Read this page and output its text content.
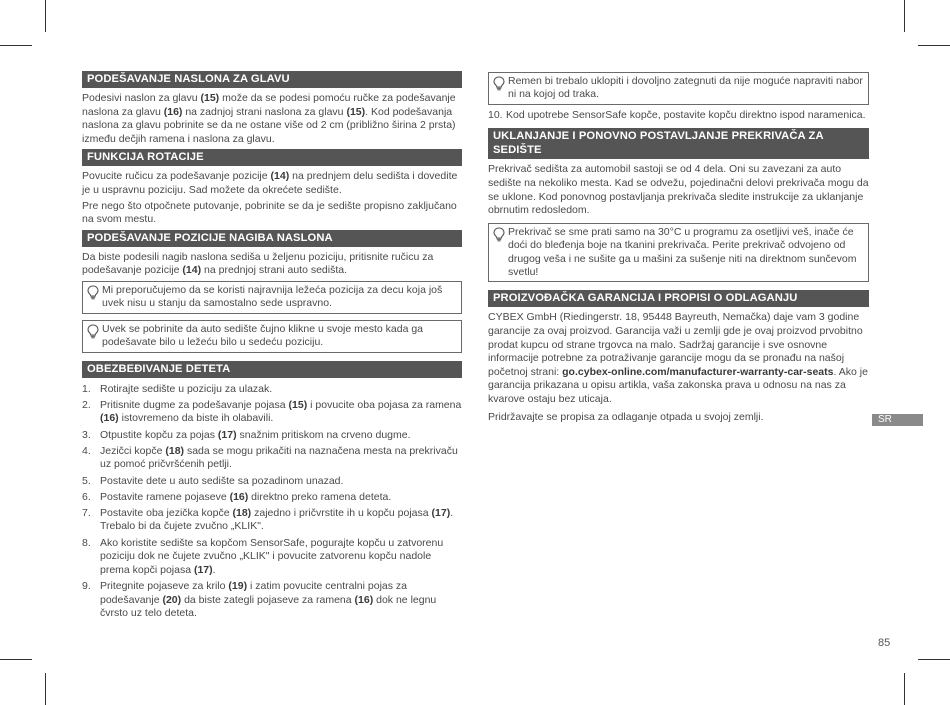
PODEŠAVANJE NASLONA ZA GLAVU

Podesivi naslon za glavu (15) može da se podesi pomoću ručke za podešavanje naslona za glavu (16) na zadnjoj strani naslona za glavu (15). Kod podešavanja naslona za glavu pobrinite se da ne ostane više od 2 cm (približno širina 2 prsta) između dečjih ramena i naslona za glavu.

FUNKCIJA ROTACIJE

Povucite ručicu za podešavanje pozicije (14) na prednjem delu sedišta i dovedite je u uspravnu poziciju. Sad možete da okrećete sedište.

Pre nego što otpočnete putovanje, pobrinite se da je sedište propisno zaključano na svom mestu.

PODEŠAVANJE POZICIJE NAGIBA NASLONA

Da biste podesili nagib naslona sediša u željenu poziciju, pritisnite ručicu za podešavanje pozicije (14) na prednjoj strani auto sedišta.

Mi preporučujemo da se koristi najravnija ležeća pozicija za decu koja još uvek nisu u stanju da samostalno sede uspravno.
Uvek se pobrinite da auto sedište čujno klikne u svoje mesto kada ga podešavate bilo u ležeću bilo u sedeću poziciju.
OBEZBEĐIVANJE DETETA
1. Rotirajte sedište u poziciju za ulazak.
2. Pritisnite dugme za podešavanje pojasa (15) i povucite oba pojasa za ramena (16) istovremeno da biste ih olabavili.
3. Otpustite kopču za pojas (17) snažnim pritiskom na crveno dugme.
4. Jezičci kopče (18) sada se mogu prikačiti na naznačena mesta na prekrivaču uz pomoć pričvršćenih petlji.
5. Postavite dete u auto sedište sa pozadinom unazad.
6. Postavite ramene pojaseve (16) direktno preko ramena deteta.
7. Postavite oba jezička kopče (18) zajedno i pričvrstite ih u kopču pojasa (17). Trebalo bi da čujete zvučno „KLIK".
8. Ako koristite sedište sa kopčom SensorSafe, pogurajte kopču u zatvorenu poziciju dok ne čujete zvučno „KLIK" i povucite zatvorenu kopču nadole prema kopči pojasa (17).
9. Pritegnite pojaseve za krilo (19) i zatim povucite centralni pojas za podešavanje (20) da biste zategli pojaseve za ramena (16) dok ne legnu čvrsto uz telo deteta.
Remen bi trebalo uklopiti i dovoljno zategnuti da nije moguće napraviti nabor ni na kojoj od traka.
10. Kod upotrebe SensorSafe kopče, postavite kopču direktno ispod naramenica.
UKLANJANJE I PONOVNO POSTAVLJANJE PREKRIVAČA ZA SEDIŠTE

Prekrivač sedišta za automobil sastoji se od 4 dela. Oni su zavezani za auto sedište na nekoliko mesta. Kad se odvežu, pojedinačni delovi prekrivača mogu da se uklone. Kod ponovnog postavljanja prekrivača sledite instrukcije za uklanjanje obrnutim redosledom.

Prekrivač se sme prati samo na 30°C u programu za osetljivi veš, inače će doći do bleđenja boje na tkanini prekrivača. Perite prekrivač odvojeno od drugog veša i ne sušite ga u mašini za sušenje niti na direktnom sunčevom svetlu!
PROIZVOĐAČKA GARANCIJA I PROPISI O ODLAGANJU

CYBEX GmbH (Riedingerstr. 18, 95448 Bayreuth, Nemačka) daje vam 3 godine garancije za ovaj proizvod. Garancija važi u zemlji gde je ovaj proizvod prvobitno prodat kupcu od strane trgovca na malo. Sadržaj garancije i sve osnovne informacije potrebne za potraživanje garancije mogu da se pronađu na našoj početnoj strani: go.cybex-online.com/manufacturer-warranty-car-seats. Ako je garancija prikazana u opisu artikla, vaša zakonska prava u odnosu na nas za kvarove ostaju bez uticaja.

Pridržavajte se propisa za odlaganje otpada u svojoj zemlji.	SR
85
